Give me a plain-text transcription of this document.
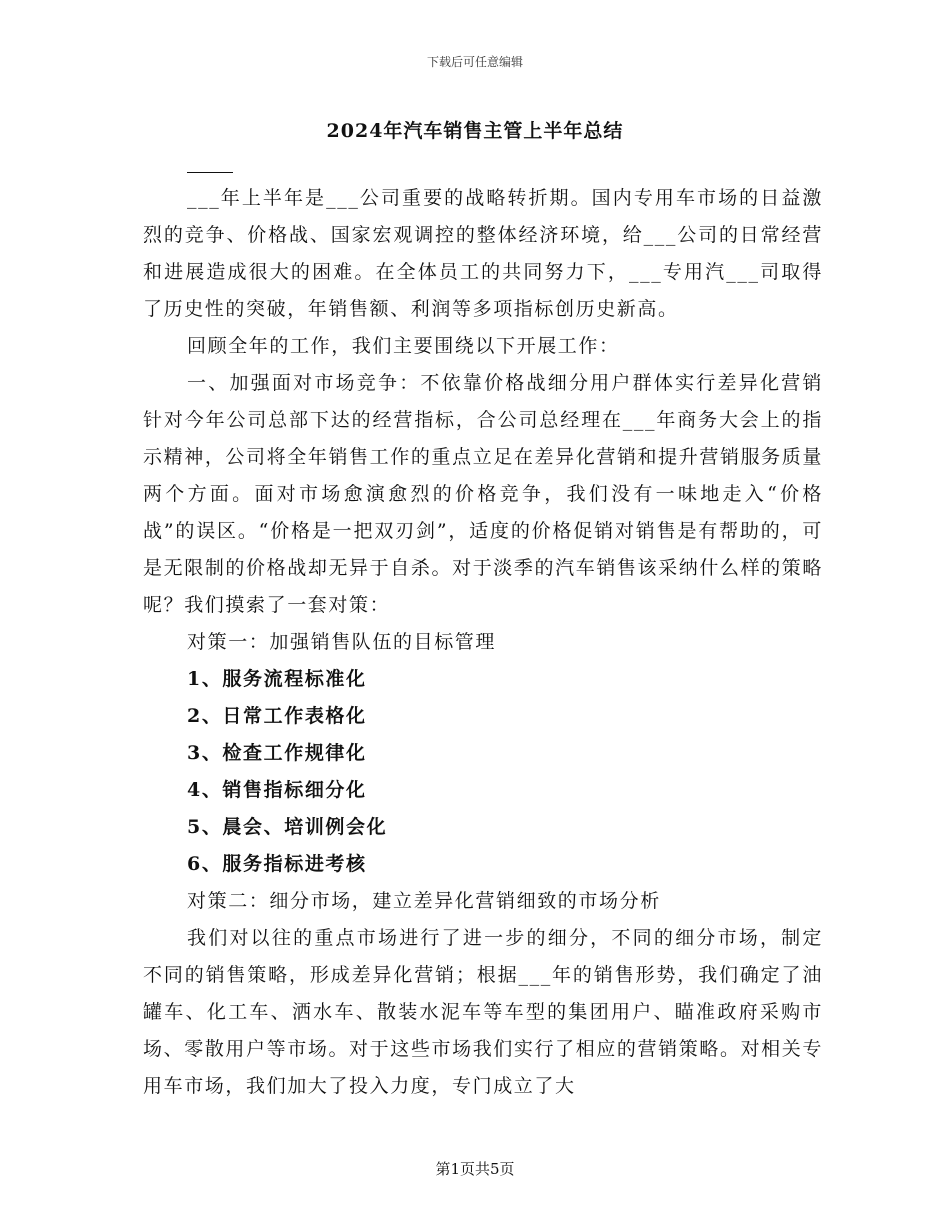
下载后可任意编辑
2024年汽车销售主管上半年总结

___年上半年是___公司重要的战略转折期。国内专用车市场的日益激烈的竞争、价格战、国家宏观调控的整体经济环境，给___公司的日常经营和进展造成很大的困难。在全体员工的共同努力下，___专用汽___司取得了历史性的突破，年销售额、利润等多项指标创历史新高。

回顾全年的工作，我们主要围绕以下开展工作：

一、加强面对市场竞争：不依靠价格战细分用户群体实行差异化营销针对今年公司总部下达的经营指标，合公司总经理在___年商务大会上的指示精神，公司将全年销售工作的重点立足在差异化营销和提升营销服务质量两个方面。面对市场愈演愈烈的价格竞争，我们没有一味地走入“价格战”的误区。“价格是一把双刃剑”，适度的价格促销对销售是有帮助的，可是无限制的价格战却无异于自杀。对于淡季的汽车销售该采纳什么样的策略呢？我们摸索了一套对策：

对策一：加强销售队伍的目标管理

1、服务流程标准化

2、日常工作表格化

3、检查工作规律化

4、销售指标细分化

5、晨会、培训例会化

6、服务指标进考核

对策二：细分市场，建立差异化营销细致的市场分析

我们对以往的重点市场进行了进一步的细分，不同的细分市场，制定不同的销售策略，形成差异化营销；根据___年的销售形势，我们确定了油罐车、化工车、洒水车、散装水泥车等车型的集团用户、瞄准政府采购市场、零散用户等市场。对于这些市场我们实行了相应的营销策略。对相关专用车市场，我们加大了投入力度，专门成立了大

第1页共5页
